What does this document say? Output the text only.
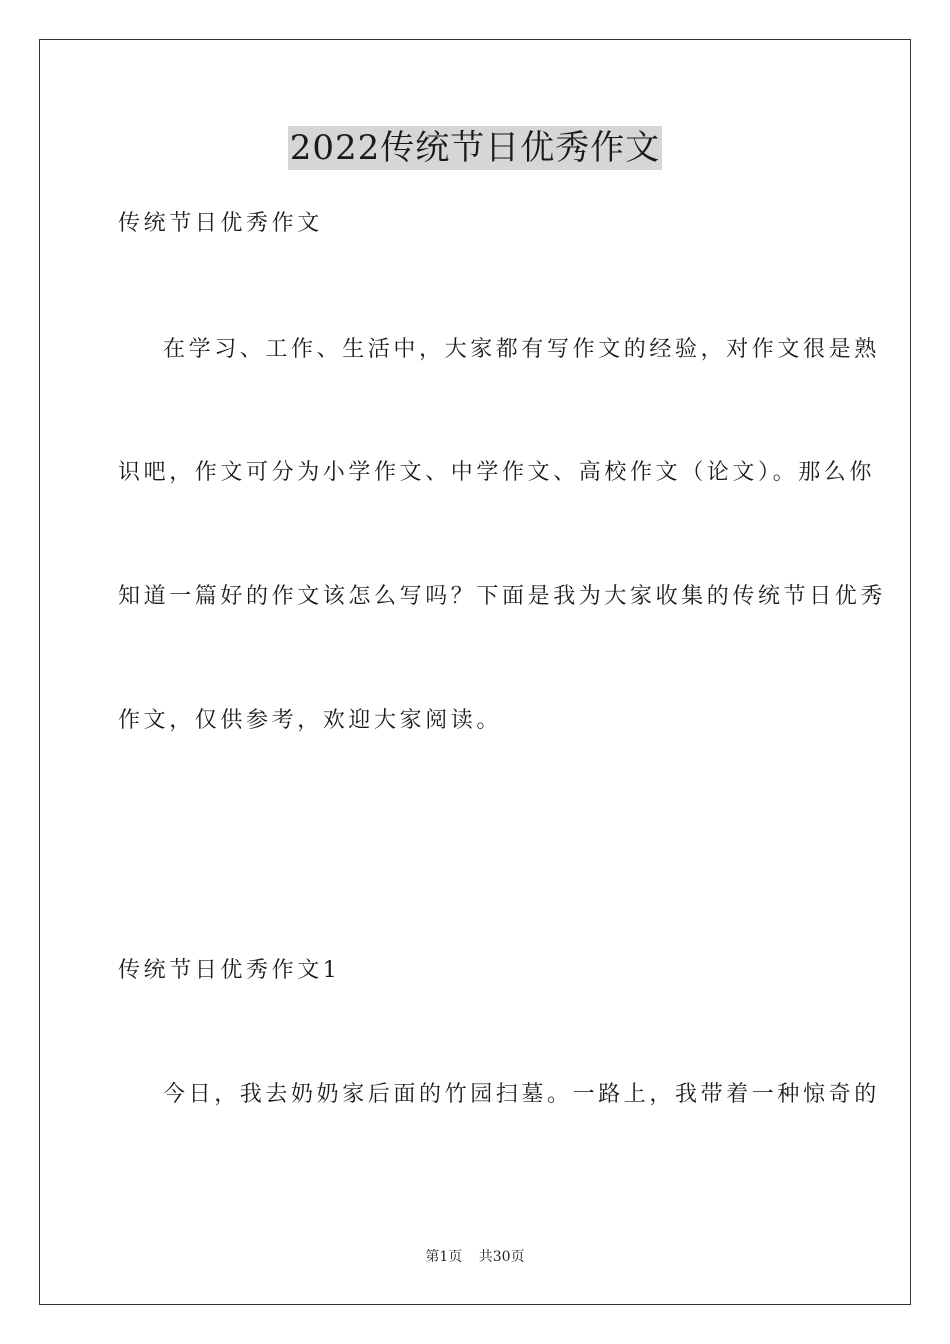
2022传统节日优秀作文
传统节日优秀作文
在学习、工作、生活中，大家都有写作文的经验，对作文很是熟
识吧，作文可分为小学作文、中学作文、高校作文（论文）。那么你
知道一篇好的作文该怎么写吗？下面是我为大家收集的传统节日优秀
作文，仅供参考，欢迎大家阅读。
传统节日优秀作文1
今日，我去奶奶家后面的竹园扫墓。一路上，我带着一种惊奇的
第1页 共30页
